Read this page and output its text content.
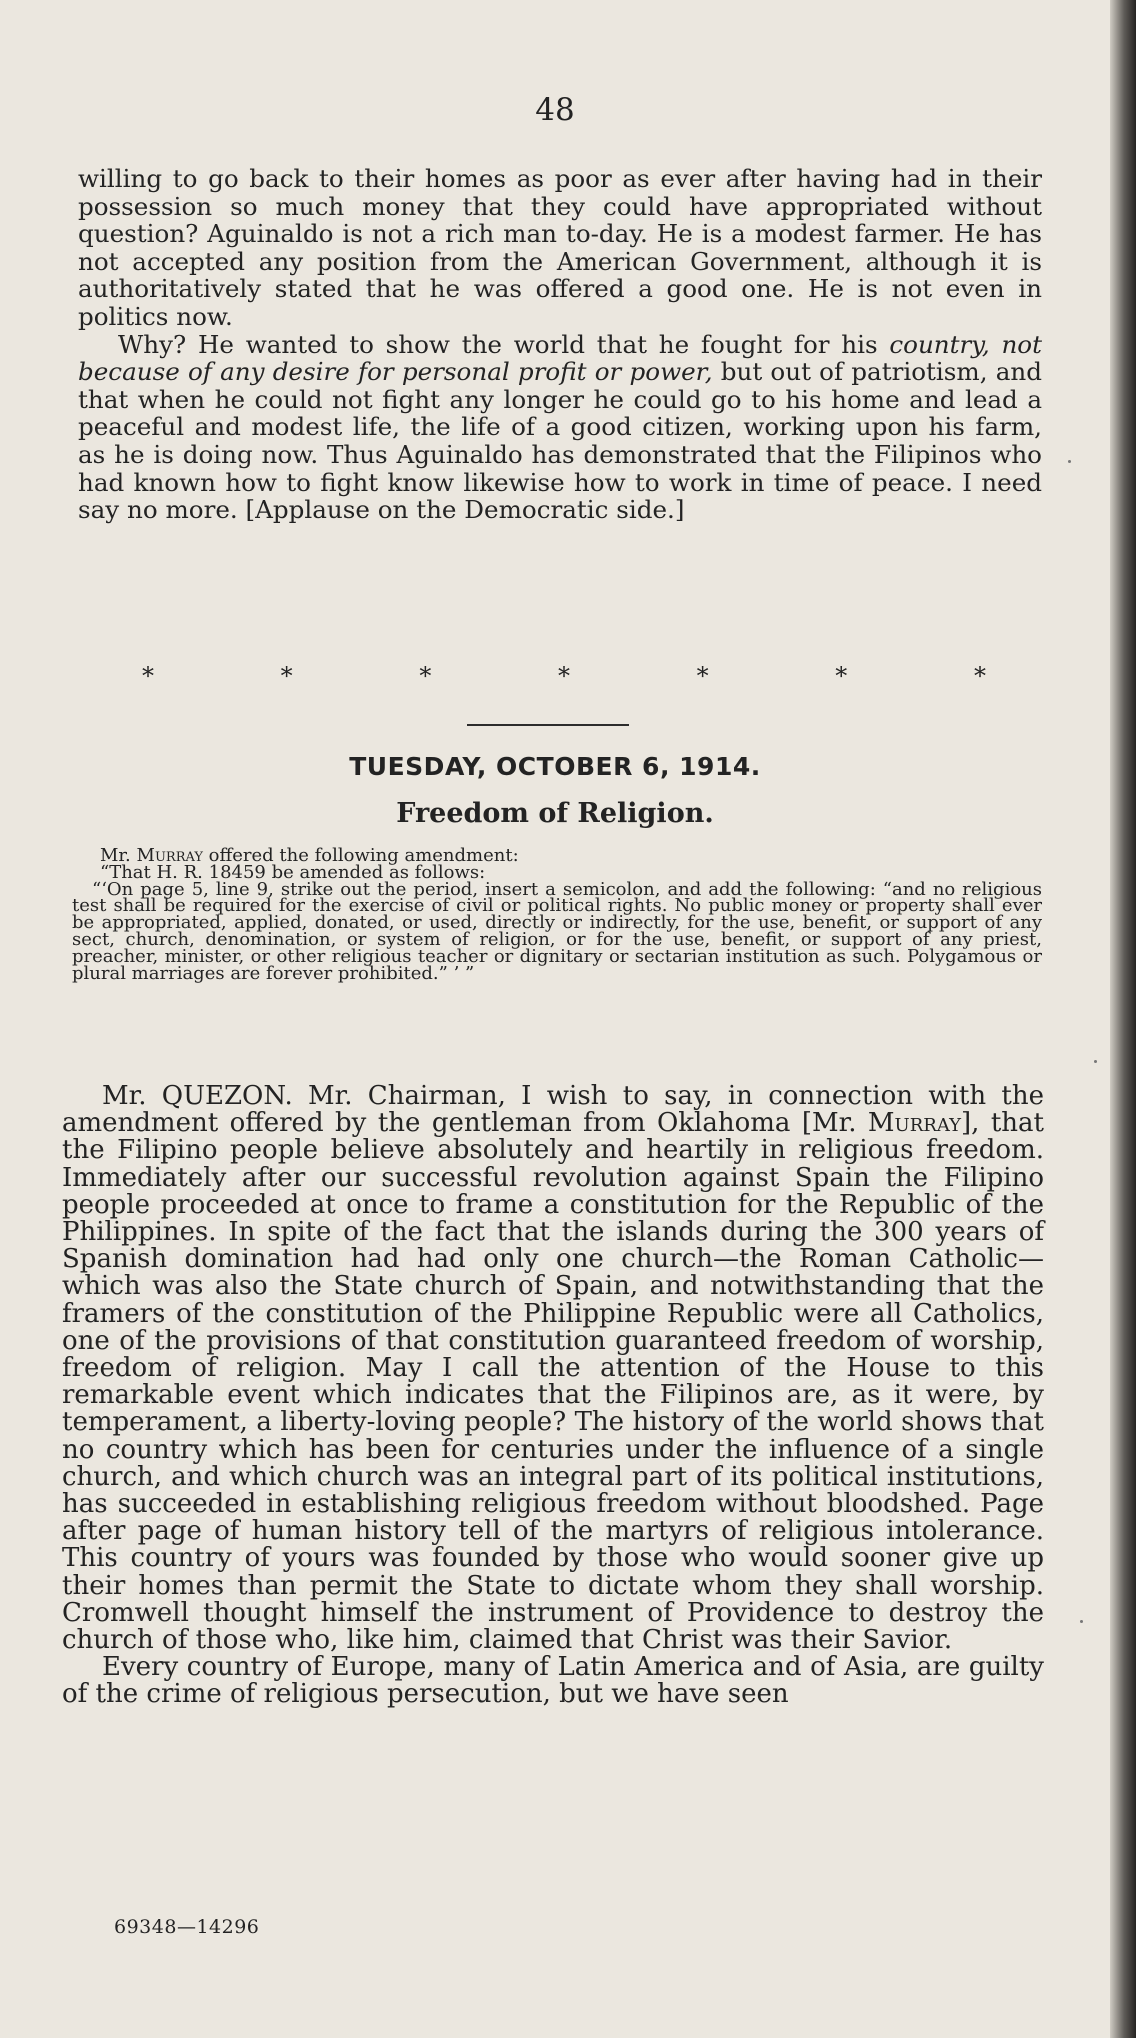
48

willing to go back to their homes as poor as ever after having had in their possession so much money that they could have appropriated without question? Aguinaldo is not a rich man to-day. He is a modest farmer. He has not accepted any position from the American Government, although it is authoritatively stated that he was offered a good one. He is not even in politics now.

Why? He wanted to show the world that he fought for his country, not because of any desire for personal profit or power, but out of patriotism, and that when he could not fight any longer he could go to his home and lead a peaceful and modest life, the life of a good citizen, working upon his farm, as he is doing now. Thus Aguinaldo has demonstrated that the Filipinos who had known how to fight know likewise how to work in time of peace. I need say no more. [Applause on the Democratic side.]

*	*	*	*	*	*	*
TUESDAY, OCTOBER 6, 1914.
Freedom of Religion.

Mr. Murray offered the following amendment:

“That H. R. 18459 be amended as follows:

“‘On page 5, line 9, strike out the period, insert a semicolon, and add the following: “and no religious test shall be required for the exercise of civil or political rights. No public money or property shall ever be appropriated, applied, donated, or used, directly or indirectly, for the use, benefit, or support of any sect, church, denomination, or system of religion, or for the use, benefit, or support of any priest, preacher, minister, or other religious teacher or dignitary or sectarian institution as such. Polygamous or plural marriages are forever prohibited.” ’ ”

Mr. QUEZON. Mr. Chairman, I wish to say, in connection with the amendment offered by the gentleman from Oklahoma [Mr. Murray], that the Filipino people believe absolutely and heartily in religious freedom. Immediately after our successful revolution against Spain the Filipino people proceeded at once to frame a constitution for the Republic of the Philippines. In spite of the fact that the islands during the 300 years of Spanish domination had had only one church—the Roman Catholic—which was also the State church of Spain, and notwithstanding that the framers of the constitution of the Philippine Republic were all Catholics, one of the provisions of that constitution guaranteed freedom of worship, freedom of religion. May I call the attention of the House to this remarkable event which indicates that the Filipinos are, as it were, by temperament, a liberty-loving people? The history of the world shows that no country which has been for centuries under the influence of a single church, and which church was an integral part of its political institutions, has succeeded in establishing religious freedom without bloodshed. Page after page of human history tell of the martyrs of religious intolerance. This country of yours was founded by those who would sooner give up their homes than permit the State to dictate whom they shall worship. Cromwell thought himself the instrument of Providence to destroy the church of those who, like him, claimed that Christ was their Savior.

Every country of Europe, many of Latin America and of Asia, are guilty of the crime of religious persecution, but we have seen

69348—14296
